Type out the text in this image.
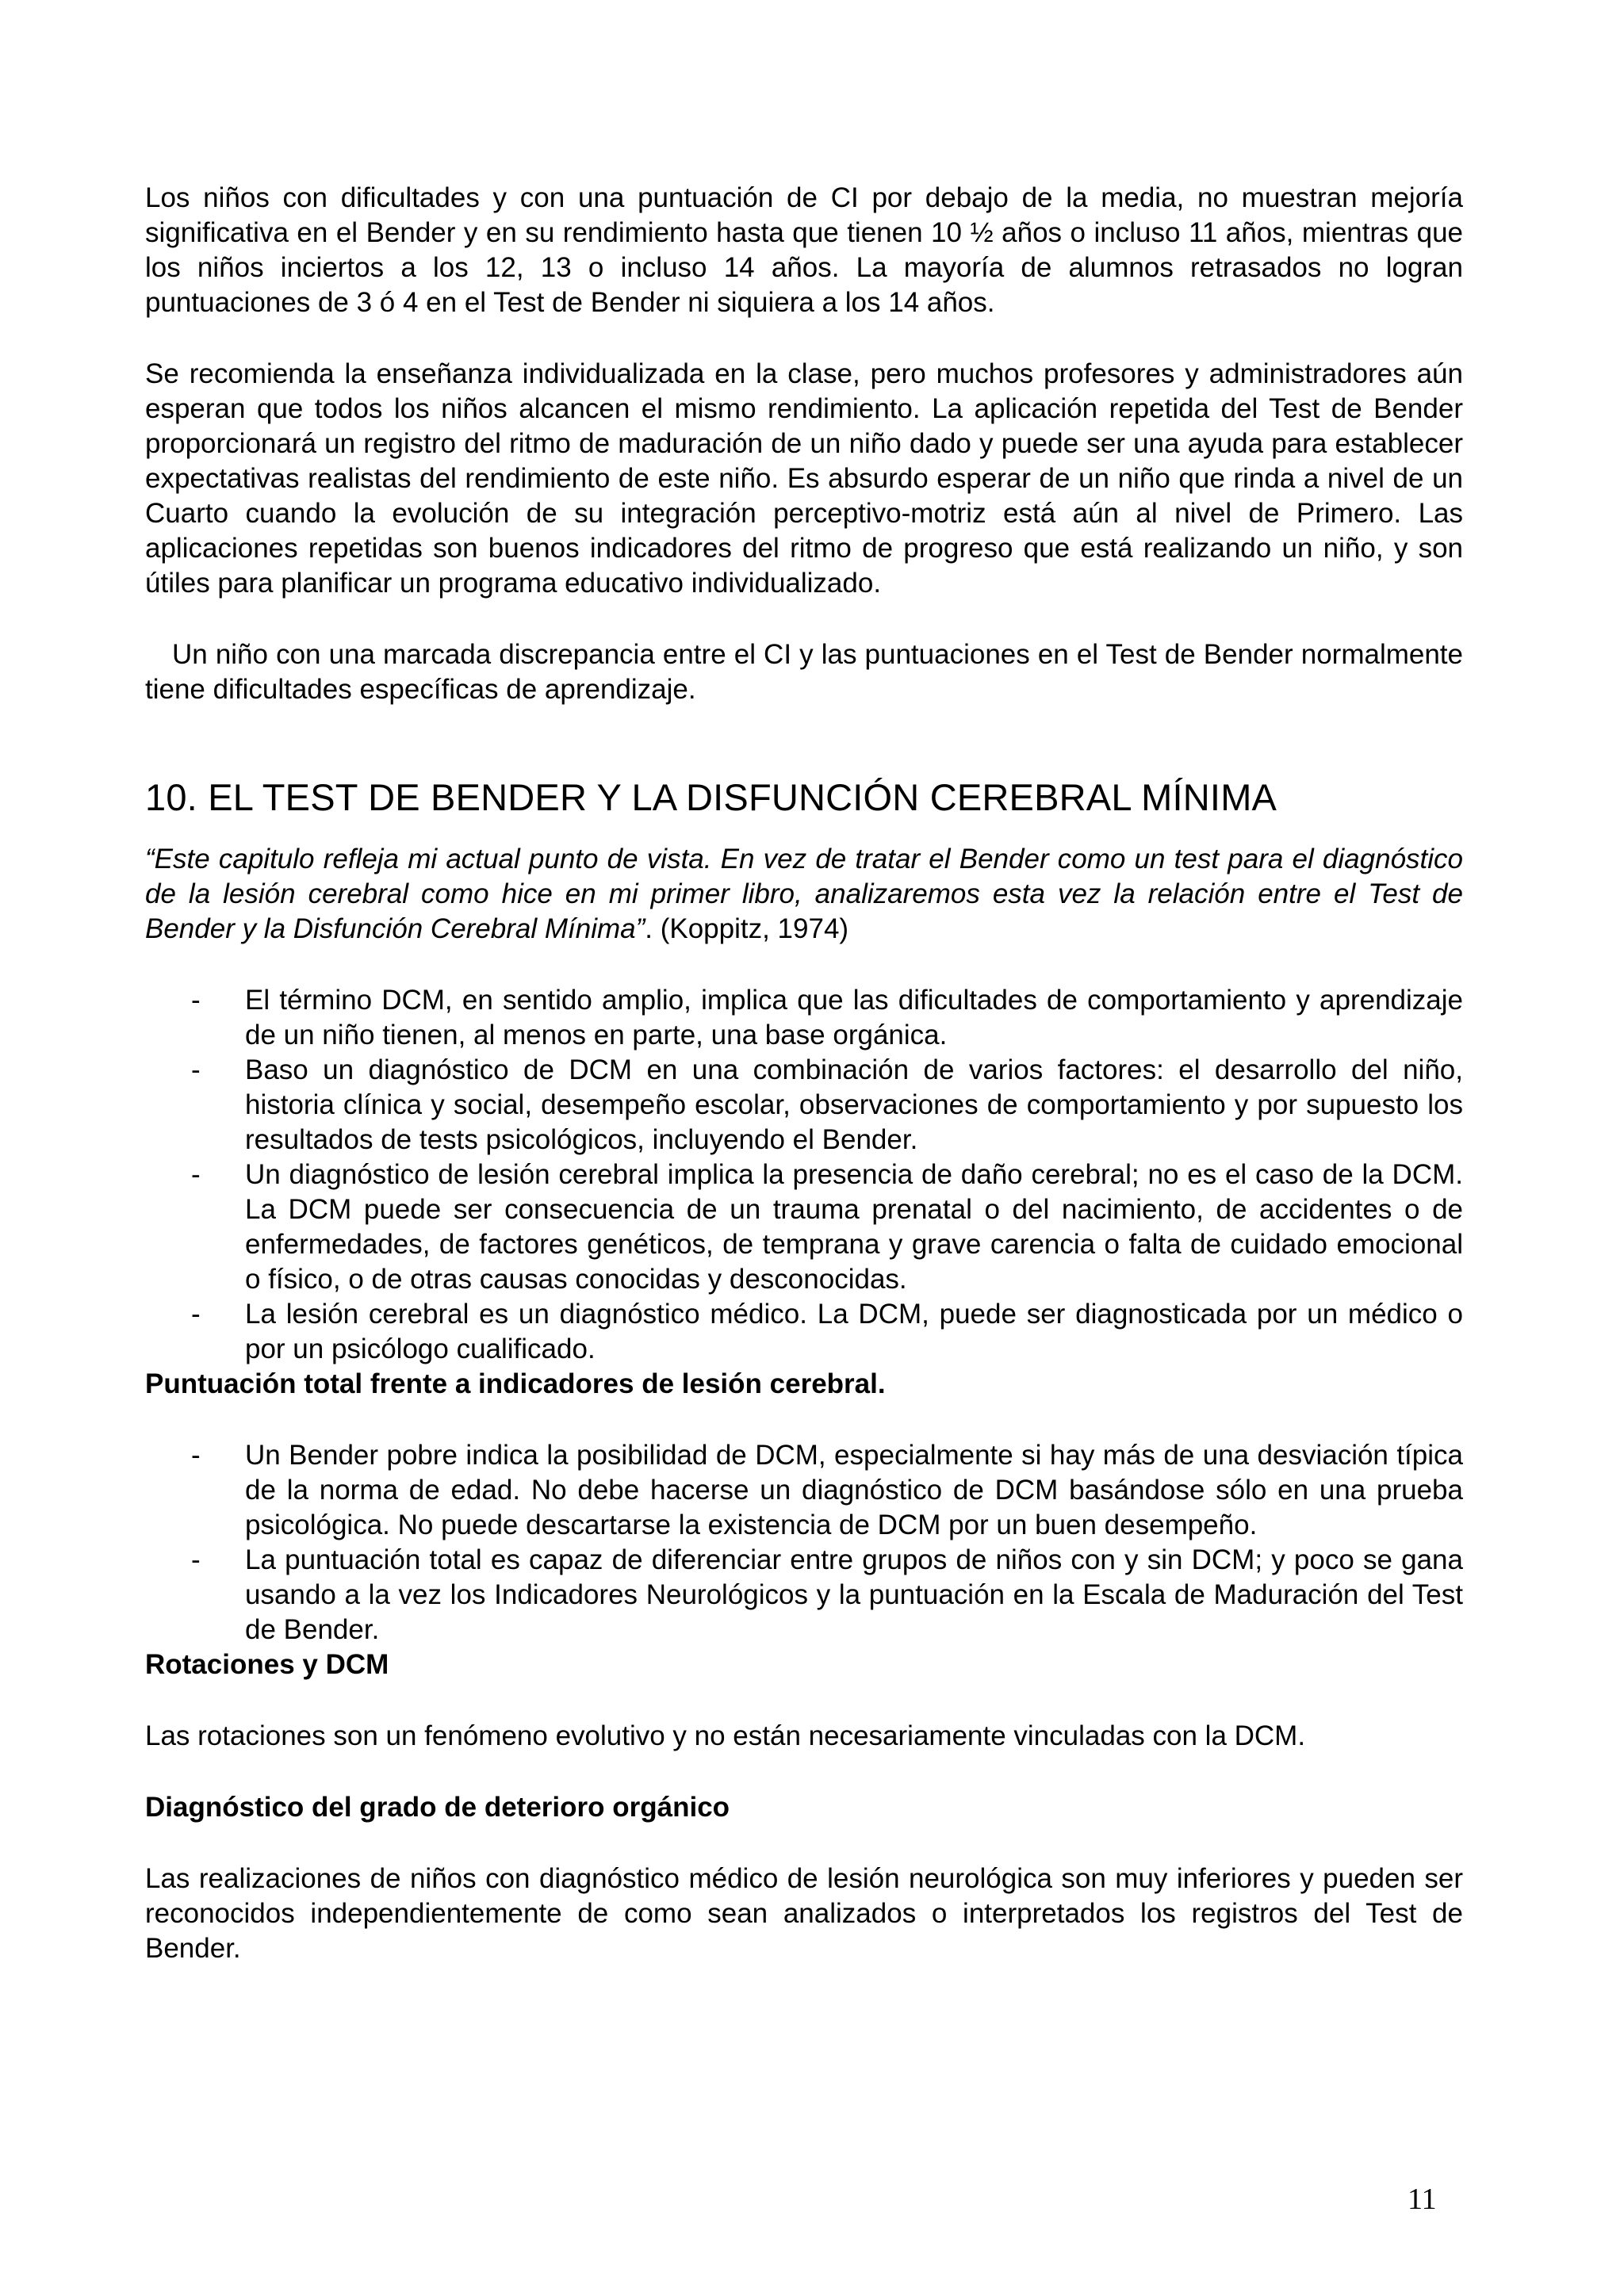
Los niños con dificultades y con una puntuación de CI por debajo de la media, no muestran mejoría significativa en el Bender y en su rendimiento hasta que tienen 10 ½ años o incluso 11 años, mientras que los niños inciertos a los 12, 13 o incluso 14 años. La mayoría de alumnos retrasados no logran puntuaciones de 3 ó 4 en el Test de Bender ni siquiera a los 14 años.

Se recomienda la enseñanza individualizada en la clase, pero muchos profesores y administradores aún esperan que todos los niños alcancen el mismo rendimiento. La aplicación repetida del Test de Bender proporcionará un registro del ritmo de maduración de un niño dado y puede ser una ayuda para establecer expectativas realistas del rendimiento de este niño. Es absurdo esperar de un niño que rinda a nivel de un Cuarto cuando la evolución de su integración perceptivo-motriz está aún al nivel de Primero. Las aplicaciones repetidas son buenos indicadores del ritmo de progreso que está realizando un niño, y son útiles para planificar un programa educativo individualizado.

Un niño con una marcada discrepancia entre el CI y las puntuaciones en el Test de Bender normalmente tiene dificultades específicas de aprendizaje.

10. EL TEST DE BENDER Y LA DISFUNCIÓN CEREBRAL MÍNIMA

“Este capitulo refleja mi actual punto de vista. En vez de tratar el Bender como un test para el diagnóstico de la lesión cerebral como hice en mi primer libro, analizaremos esta vez la relación entre el Test de Bender y la Disfunción Cerebral Mínima”. (Koppitz, 1974)

- El término DCM, en sentido amplio, implica que las dificultades de comportamiento y aprendizaje de un niño tienen, al menos en parte, una base orgánica.
- Baso un diagnóstico de DCM en una combinación de varios factores: el desarrollo del niño, historia clínica y social, desempeño escolar, observaciones de comportamiento y por supuesto los resultados de tests psicológicos, incluyendo el Bender.
- Un diagnóstico de lesión cerebral implica la presencia de daño cerebral; no es el caso de la DCM. La DCM puede ser consecuencia de un trauma prenatal o del nacimiento, de accidentes o de enfermedades, de factores genéticos, de temprana y grave carencia o falta de cuidado emocional o físico, o de otras causas conocidas y desconocidas.
- La lesión cerebral es un diagnóstico médico. La DCM, puede ser diagnosticada por un médico o por un psicólogo cualificado.

Puntuación total frente a indicadores de lesión cerebral.

- Un Bender pobre indica la posibilidad de DCM, especialmente si hay más de una desviación típica de la norma de edad. No debe hacerse un diagnóstico de DCM basándose sólo en una prueba psicológica. No puede descartarse la existencia de DCM por un buen desempeño.
- La puntuación total es capaz de diferenciar entre grupos de niños con y sin DCM; y poco se gana usando a la vez los Indicadores Neurológicos y la puntuación en la Escala de Maduración del Test de Bender.

Rotaciones y DCM

Las rotaciones son un fenómeno evolutivo y no están necesariamente vinculadas con la DCM.

Diagnóstico del grado de deterioro orgánico

Las realizaciones de niños con diagnóstico médico de lesión neurológica son muy inferiores y pueden ser reconocidos independientemente de como sean analizados o interpretados los registros del Test de Bender.

11
